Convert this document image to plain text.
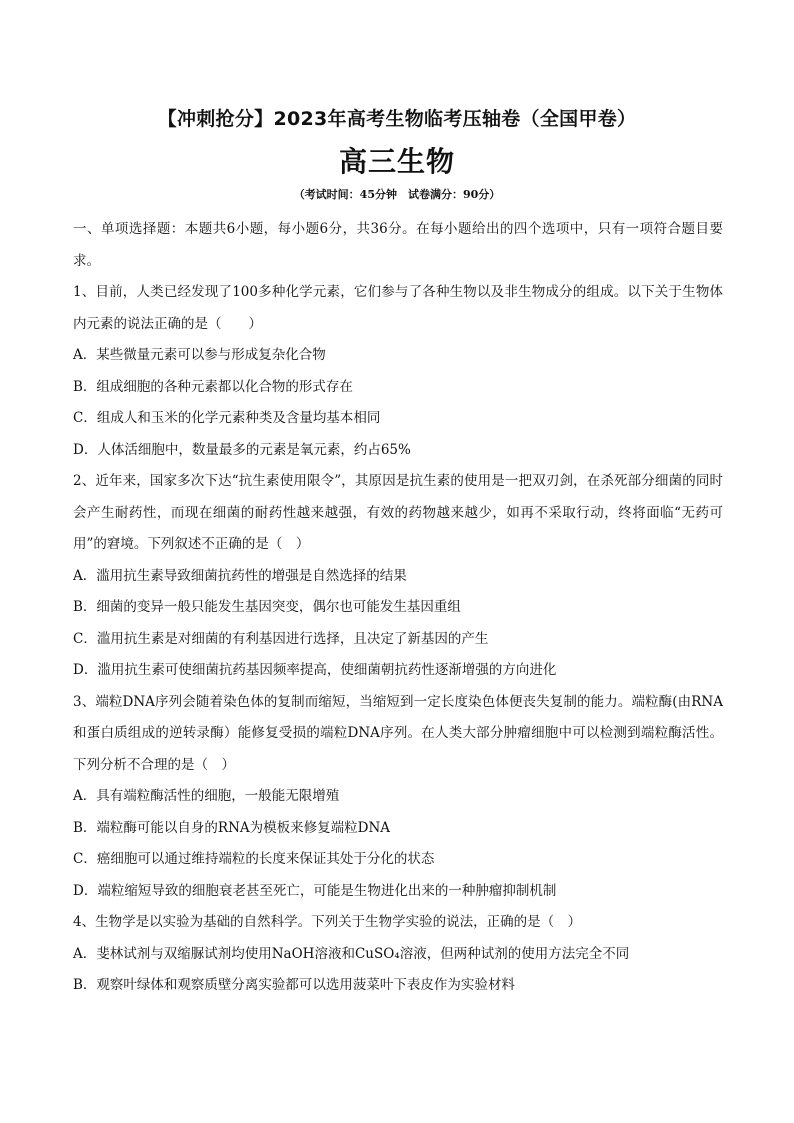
【冲刺抢分】2023年高考生物临考压轴卷（全国甲卷）
高三生物
（考试时间：45分钟　试卷满分：90分）

一、单项选择题：本题共6小题，每小题6分，共36分。在每小题给出的四个选项中，只有一项符合题目要求。

1、目前，人类已经发现了100多种化学元素，它们参与了各种生物以及非生物成分的组成。以下关于生物体内元素的说法正确的是（　　）

A．某些微量元素可以参与形成复杂化合物

B．组成细胞的各种元素都以化合物的形式存在

C．组成人和玉米的化学元素种类及含量均基本相同

D．人体活细胞中，数量最多的元素是氧元素，约占65%

2、近年来，国家多次下达“抗生素使用限令”，其原因是抗生素的使用是一把双刃剑，在杀死部分细菌的同时会产生耐药性，而现在细菌的耐药性越来越强，有效的药物越来越少，如再不采取行动，终将面临“无药可用”的窘境。下列叙述不正确的是（　）

A．滥用抗生素导致细菌抗药性的增强是自然选择的结果

B．细菌的变异一般只能发生基因突变，偶尔也可能发生基因重组

C．滥用抗生素是对细菌的有利基因进行选择，且决定了新基因的产生

D．滥用抗生素可使细菌抗药基因频率提高，使细菌朝抗药性逐渐增强的方向进化

3、端粒DNA序列会随着染色体的复制而缩短，当缩短到一定长度染色体便丧失复制的能力。端粒酶(由RNA和蛋白质组成的逆转录酶）能修复受损的端粒DNA序列。在人类大部分肿瘤细胞中可以检测到端粒酶活性。下列分析不合理的是（　）

A．具有端粒酶活性的细胞，一般能无限增殖

B．端粒酶可能以自身的RNA为模板来修复端粒DNA

C．癌细胞可以通过维持端粒的长度来保证其处于分化的状态

D．端粒缩短导致的细胞衰老甚至死亡，可能是生物进化出来的一种肿瘤抑制机制

4、生物学是以实验为基础的自然科学。下列关于生物学实验的说法，正确的是（　）

A．斐林试剂与双缩脲试剂均使用NaOH溶液和CuSO₄溶液，但两种试剂的使用方法完全不同

B．观察叶绿体和观察质壁分离实验都可以选用菠菜叶下表皮作为实验材料
